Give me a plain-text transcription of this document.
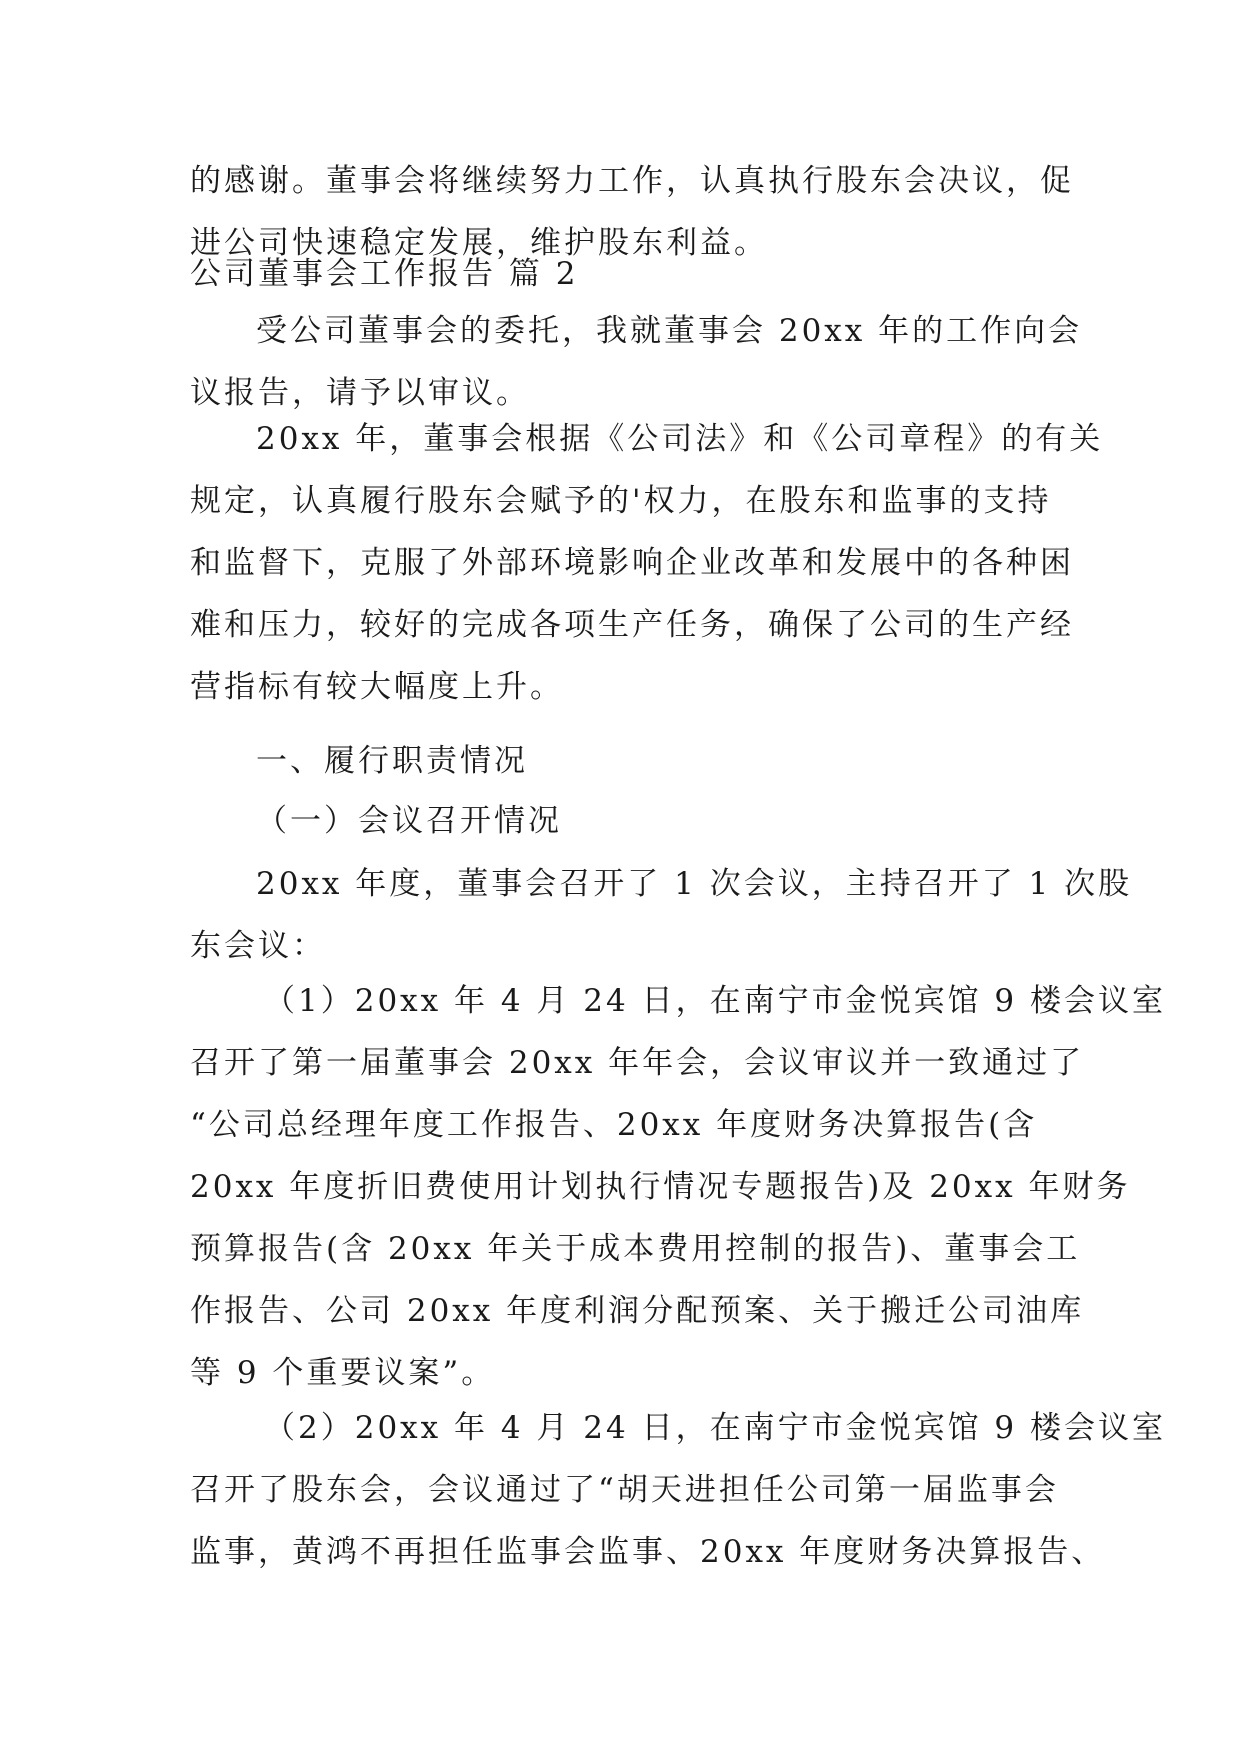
的感谢。董事会将继续努力工作，认真执行股东会决议，促
进公司快速稳定发展，维护股东利益。
公司董事会工作报告 篇 2
受公司董事会的委托，我就董事会 20xx 年的工作向会
议报告，请予以审议。
20xx 年，董事会根据《公司法》和《公司章程》的有关
规定，认真履行股东会赋予的'权力，在股东和监事的支持
和监督下，克服了外部环境影响企业改革和发展中的各种困
难和压力，较好的完成各项生产任务，确保了公司的生产经
营指标有较大幅度上升。
一、履行职责情况
（一）会议召开情况
20xx 年度，董事会召开了 1 次会议，主持召开了 1 次股
东会议：
（1）20xx 年 4 月 24 日，在南宁市金悦宾馆 9 楼会议室
召开了第一届董事会 20xx 年年会，会议审议并一致通过了
“公司总经理年度工作报告、20xx 年度财务决算报告(含
20xx 年度折旧费使用计划执行情况专题报告)及 20xx 年财务
预算报告(含 20xx 年关于成本费用控制的报告)、董事会工
作报告、公司 20xx 年度利润分配预案、关于搬迁公司油库
等 9 个重要议案”。
（2）20xx 年 4 月 24 日，在南宁市金悦宾馆 9 楼会议室
召开了股东会，会议通过了“胡天进担任公司第一届监事会
监事，黄鸿不再担任监事会监事、20xx 年度财务决算报告、
